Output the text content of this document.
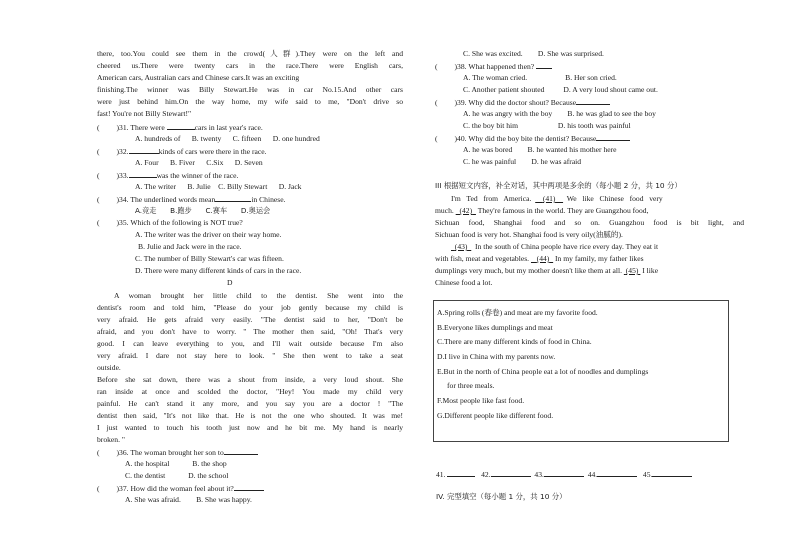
there, too.You could see them in the crowd(人群).They were on the left and
cheered us.There were twenty cars in the race.There were English cars,
American cars, Australian cars and Chinese cars.It was an exciting
finishing.The winner was Billy Stewart.He was in car No.15.And other cars
were just behind him.On the way home, my wife said to me, "Don't drive so
fast! You're not Billy Stewart!"
( )31. There were	cars in last year's race.
A. hundreds of      B. twenty      C. fifteen      D. one hundred
( )32.	kinds of cars were there in the race.
A. Four      B. Fiver      C.Six      D. Seven
( )33.	was the winner of the race.
A. The writer      B. Julie    C. Billy Stewart      D. Jack
( )34. The underlined words mean	in Chinese.
A.竞走      B.跑步      C.赛车      D.奥运会
( )35. Which of the following is NOT true?
A. The writer was the driver on their way home.
B. Julie and Jack were in the race.
C. The number of Billy Stewart's car was fifteen.
D. There were many different kinds of cars in the race.
D
A woman brought her little child to the dentist. She went into the
dentist's room and told him, "Please do your job gently because my child is
very afraid. He gets afraid very easily. "The dentist said to her, "Don't be
afraid, and you don't have to worry. " The mother then said, "Oh! That's very
good. I can leave everything to you, and I'll wait outside because I'm also
very afraid. I dare not stay here to look. " She then went to take a seat
outside.
Before she sat down, there was a shout from inside, a very loud shout. She
ran inside at once and scolded the doctor, "Hey! You made my child very
painful. He can't stand it any more, and you say you are a doctor ! "The
dentist then said, "It's not like that. He is not the one who shouted. It was me!
I just wanted to touch his tooth just now and he bit me. My hand is nearly
broken. "
( )36. The woman brought her son to
A. the hospital            B. the shop
C. the dentist            D. the school
( )37. How did the woman feel about it?
A. She was afraid.        B. She was happy.
C. She was excited.        D. She was surprised.
( )38. What happened then?
A. The woman cried.                    B. Her son cried.
C. Another patient shouted          D. A very loud shout came out.
( )39. Why did the doctor shout? Because
A. he was angry with the boy        B. he was glad to see the boy
C. the boy bit him                     D. his tooth was painful
( )40. Why did the boy bite the dentist? Because
A. he was bored        B. he wanted his mother here
C. he was painful        D. he was afraid
III 根据短文内容，补全对话，其中两项是多余的（每小题 2 分，共 10 分）
I'm   Ted   from   America. (41) We   like   Chinese   food   very
much. (42) They're famous in the world. They are Guangzhou food,
Sichuan food, Shanghai food and so on. Guangzhou food is bit light, and
Sichuan food is very hot. Shanghai food is very oily(油腻的).
(43) In the south of China people have rice every day. They eat it
with fish, meat and vegetables. (44) In my family, my father likes
dumplings very much, but my mother doesn't like them at all. (45) I like
Chinese food a lot.
A.Spring rolls (春卷) and meat are my favorite food.
B.Everyone likes dumplings and meat
C.There are many different kinds of food in China.
D.I live in China with my parents now.
E.But in the north of China people eat a lot of noodles and dumplings
for three meals.
F.Most people like fast food.
G.Different people like different food.
41.	42.	43.	44.	45.
IV. 完型填空（每小题 1 分，共 10 分）
